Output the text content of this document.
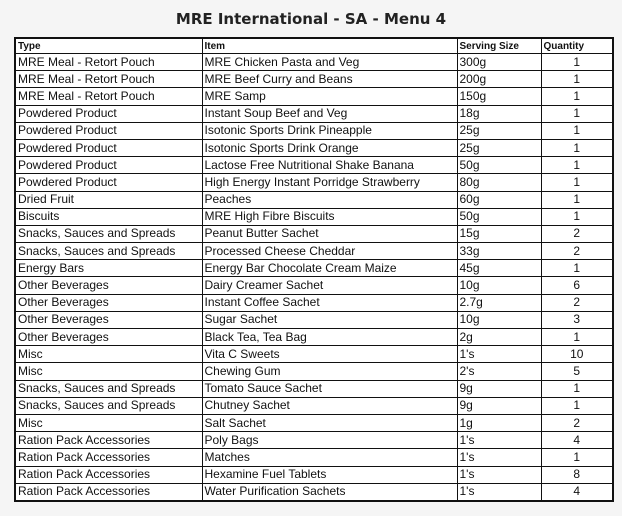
MRE International - SA - Menu 4
Type	Item	Serving Size	Quantity
MRE Meal - Retort Pouch	MRE Chicken Pasta and Veg	300g	1
MRE Meal - Retort Pouch	MRE Beef Curry and Beans	200g	1
MRE Meal - Retort Pouch	MRE Samp	150g	1
Powdered Product	Instant Soup Beef and Veg	18g	1
Powdered Product	Isotonic Sports Drink Pineapple	25g	1
Powdered Product	Isotonic Sports Drink Orange	25g	1
Powdered Product	Lactose Free Nutritional Shake Banana	50g	1
Powdered Product	High Energy Instant Porridge Strawberry	80g	1
Dried Fruit	Peaches	60g	1
Biscuits	MRE High Fibre Biscuits	50g	1
Snacks, Sauces and Spreads	Peanut Butter Sachet	15g	2
Snacks, Sauces and Spreads	Processed Cheese Cheddar	33g	2
Energy Bars	Energy Bar Chocolate Cream Maize	45g	1
Other Beverages	Dairy Creamer Sachet	10g	6
Other Beverages	Instant Coffee Sachet	2.7g	2
Other Beverages	Sugar Sachet	10g	3
Other Beverages	Black Tea, Tea Bag	2g	1
Misc	Vita C Sweets	1's	10
Misc	Chewing Gum	2's	5
Snacks, Sauces and Spreads	Tomato Sauce Sachet	9g	1
Snacks, Sauces and Spreads	Chutney Sachet	9g	1
Misc	Salt Sachet	1g	2
Ration Pack Accessories	Poly Bags	1's	4
Ration Pack Accessories	Matches	1's	1
Ration Pack Accessories	Hexamine Fuel Tablets	1's	8
Ration Pack Accessories	Water Purification Sachets	1's	4
